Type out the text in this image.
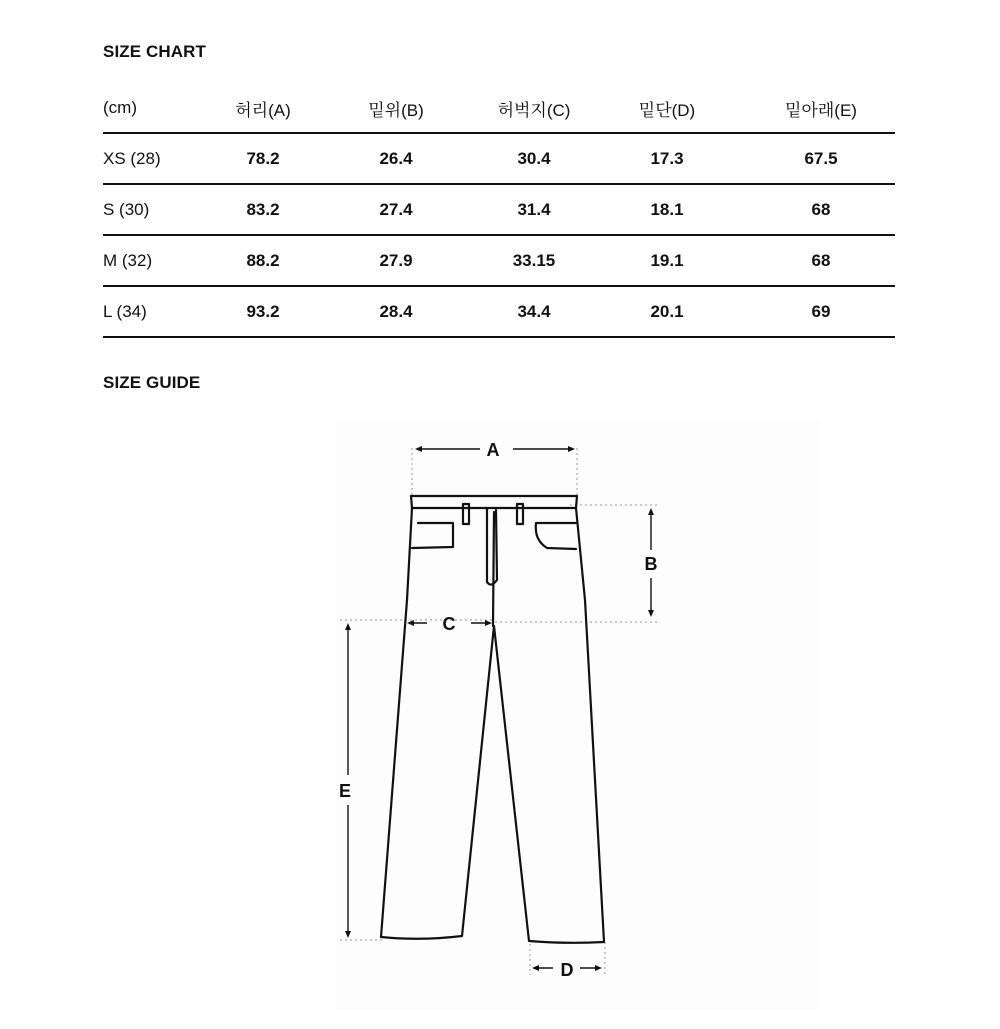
SIZE CHART
(cm)	허리(A)	밑위(B)	허벅지(C)	밑단(D)	밑아래(E)
XS (28)	78.2	26.4	30.4	17.3	67.5
S (30)	83.2	27.4	31.4	18.1	68
M (32)	88.2	27.9	33.15	19.1	68
L (34)	93.2	28.4	34.4	20.1	69
SIZE GUIDE
A
B
C
D
E
